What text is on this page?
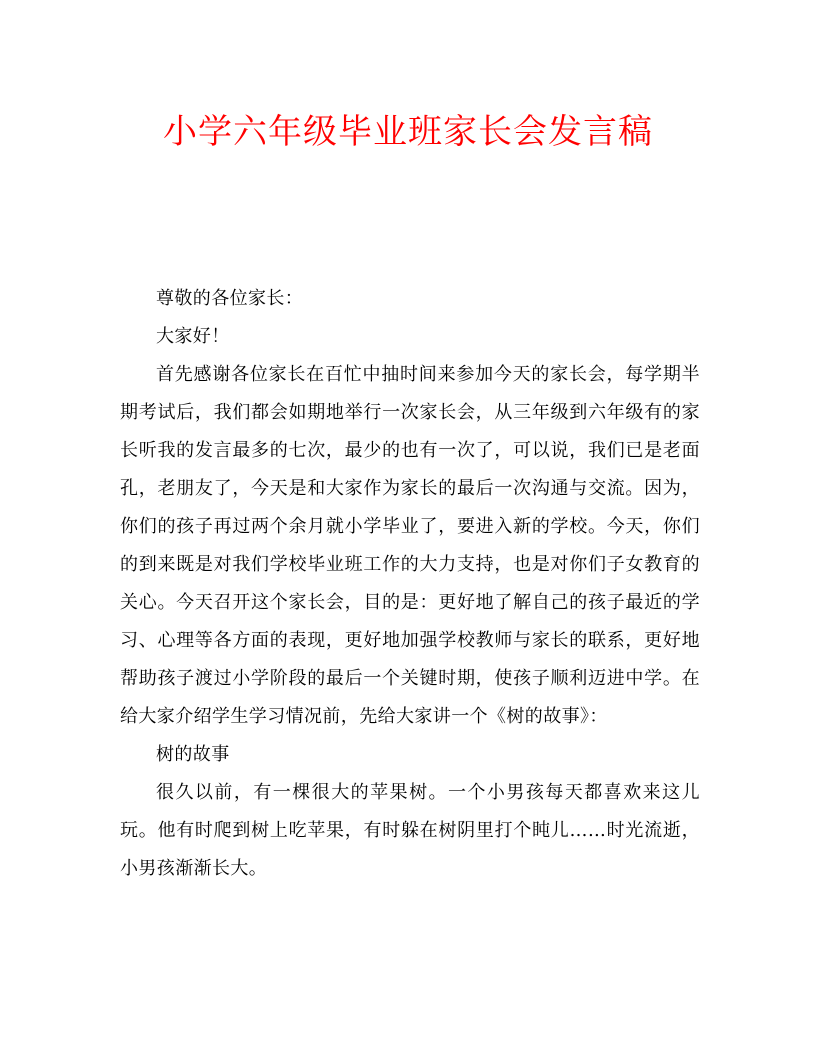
小学六年级毕业班家长会发言稿

尊敬的各位家长：

大家好！

首先感谢各位家长在百忙中抽时间来参加今天的家长会，每学期半期考试后，我们都会如期地举行一次家长会，从三年级到六年级有的家长听我的发言最多的七次，最少的也有一次了，可以说，我们已是老面孔，老朋友了，今天是和大家作为家长的最后一次沟通与交流。因为，你们的孩子再过两个余月就小学毕业了，要进入新的学校。今天，你们的到来既是对我们学校毕业班工作的大力支持，也是对你们子女教育的关心。今天召开这个家长会，目的是：更好地了解自己的孩子最近的学习、心理等各方面的表现，更好地加强学校教师与家长的联系，更好地帮助孩子渡过小学阶段的最后一个关键时期，使孩子顺利迈进中学。在给大家介绍学生学习情况前，先给大家讲一个《树的故事》：

树的故事

很久以前，有一棵很大的苹果树。一个小男孩每天都喜欢来这儿玩。他有时爬到树上吃苹果，有时躲在树阴里打个盹儿……时光流逝，小男孩渐渐长大。
